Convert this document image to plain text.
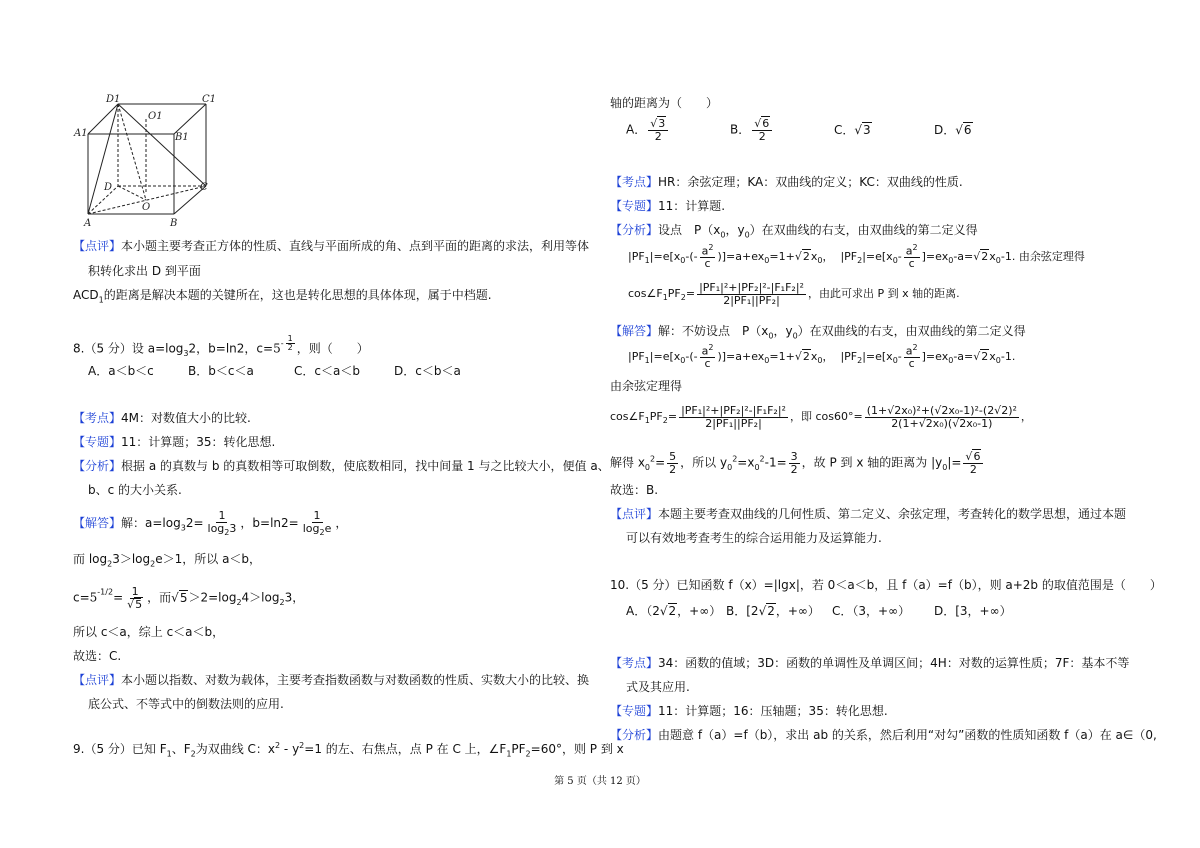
D1	C1
O1
A1	B1
D	C
O
A	B
【点评】本小题主要考查正方体的性质、直线与平面所成的角、点到平面的距离的求法，利用等体
积转化求出 D 到平面
$ACD_1$的距离是解决本题的关键所在，这也是转化思想的具体体现，属于中档题.
8.（5 分）设 $a=\log_32$，b=ln2，$c=5^{- \frac{1}{2}}$ ，则（　　）
A．a＜b＜c	B．b＜c＜a	C．c＜a＜b	D．c＜b＜a
【考点】4M：对数值大小的比较.
【专题】11：计算题；35：转化思想.
【分析】根据 a 的真数与 b 的真数相等可取倒数，使底数相同，找中间量 1 与之比较大小，便值 a、
b、c 的大小关系.
【解答】解：$a=\log_32= \frac{1}{\log_23}$ ，$b=\ln 2= \frac{1}{\log_2e}$ ，
而 $\log_23>\log_2e>1$，所以 a＜b，
$c=5^{-1/2}= \frac{1}{√5}$ ，而$√5>2=\log_24>\log_23$，
所以 c＜a，综上 c＜a＜b，
故选：C.
【点评】本小题以指数、对数为载体，主要考查指数函数与对数函数的性质、实数大小的比较、换
底公式、不等式中的倒数法则的应用.
9.（5 分）已知 $F_1$、$F_2$为双曲线 C：$x^2 - y^2=1$ 的左、右焦点，点 P 在 C 上，$\angle F_1PF_2=60^\circ$，则 P 到 x
轴的距离为（　　）
A． $\frac{√3}{2}$	B． $\frac{√6}{2}$	C．√3	D．√6
【考点】HR：余弦定理；KA：双曲线的定义；KC：双曲线的性质.
【专题】11：计算题.
【分析】设点　$P(x_0$，$y_0$）在双曲线的右支，由双曲线的第二定义得
$|PF_1|=e[x_0-(- \frac{a^2}{c} )]=a+ex_0=1+√2x_0$， $|PF_2|=e[x_0- \frac{a^2}{c} ]=ex_0-a=√2x_0-1$. 由余弦定理得
$\cos\angle F_1PF_2= \frac{\text{|PF₁|²+|PF₂|²-|F₁F₂|²}}{\text{2|PF₁||PF₂|}}$ ，由此可求出 P 到 x 轴的距离.
【解答】解：不妨设点　$P(x_0$，$y_0$）在双曲线的右支，由双曲线的第二定义得
$|PF_1|=e[x_0-(- \frac{a^2}{c} )]=a+ex_0=1+√2x_0$， $|PF_2|=e[x_0- \frac{a^2}{c} ]=ex_0-a=√2x_0-1$.
由余弦定理得
$\cos\angle F_1PF_2= \frac{\text{|PF₁|²+|PF₂|²-|F₁F₂|²}}{\text{2|PF₁||PF₂|}}$ ，即 $\cos 60^\circ= \frac{\text{(1+√2x₀)²+(√2x₀-1)²-(2√2)²}}{\text{2(1+√2x₀)(√2x₀-1)}}$ ，
解得 $x_0^2= \frac{5}{2}$ ，所以 $y_0^2=x_0^2-1= \frac{3}{2}$ ，故 P 到 x 轴的距离为 $|y_0|= \frac{√6}{2}$
故选：B.
【点评】本题主要考查双曲线的几何性质、第二定义、余弦定理，考查转化的数学思想，通过本题
可以有效地考查考生的综合运用能力及运算能力.
10.（5 分）已知函数 f（x）=|lgx|，若 0＜a＜b，且 f（a）=f（b），则 a+2b 的取值范围是（　　）
A．（2√2，+∞） B．[2√2，+∞） C．（3，+∞） D．[3，+∞）
【考点】34：函数的值域；3D：函数的单调性及单调区间；4H：对数的运算性质；7F：基本不等
式及其应用.
【专题】11：计算题；16：压轴题；35：转化思想.
【分析】由题意 f（a）=f（b），求出 ab 的关系，然后利用“对勾”函数的性质知函数 f（a）在 a∈（0,
第 5 页（共 12 页）
